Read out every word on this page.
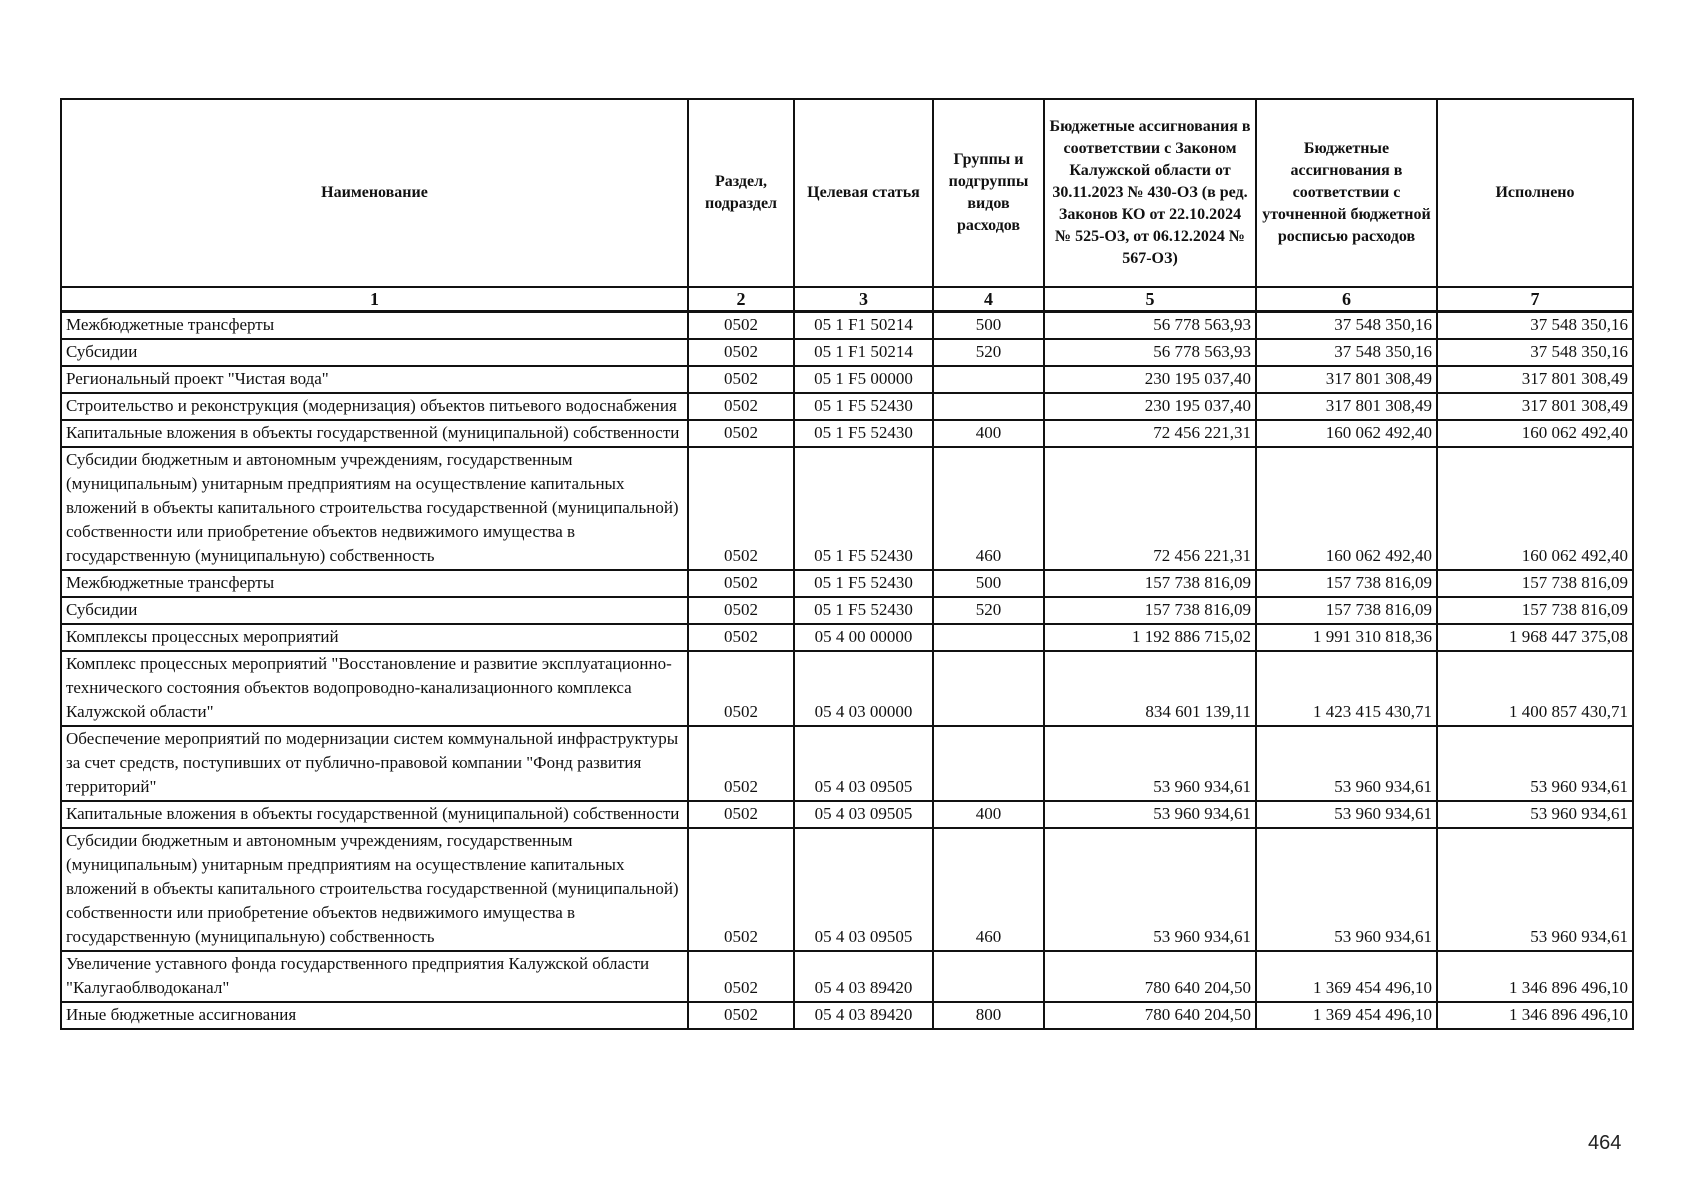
Наименование	Раздел, подраздел	Целевая статья	Группы и подгруппы видов расходов	Бюджетные ассигнования в соответствии с Законом Калужской области от 30.11.2023 № 430-ОЗ (в ред. Законов КО от 22.10.2024 № 525-ОЗ, от 06.12.2024 № 567-ОЗ)	Бюджетные ассигнования в соответствии с уточненной бюджетной росписью расходов	Исполнено
1	2	3	4	5	6	7
Межбюджетные трансферты	0502	05 1 F1 50214	500	56 778 563,93	37 548 350,16	37 548 350,16
Субсидии	0502	05 1 F1 50214	520	56 778 563,93	37 548 350,16	37 548 350,16
Региональный проект "Чистая вода"	0502	05 1 F5 00000		230 195 037,40	317 801 308,49	317 801 308,49
Строительство и реконструкция (модернизация) объектов питьевого водоснабжения	0502	05 1 F5 52430		230 195 037,40	317 801 308,49	317 801 308,49
Капитальные вложения в объекты государственной (муниципальной) собственности	0502	05 1 F5 52430	400	72 456 221,31	160 062 492,40	160 062 492,40
Субсидии бюджетным и автономным учреждениям, государственным (муниципальным) унитарным предприятиям на осуществление капитальных вложений в объекты капитального строительства государственной (муниципальной) собственности или приобретение объектов недвижимого имущества в государственную (муниципальную) собственность	0502	05 1 F5 52430	460	72 456 221,31	160 062 492,40	160 062 492,40
Межбюджетные трансферты	0502	05 1 F5 52430	500	157 738 816,09	157 738 816,09	157 738 816,09
Субсидии	0502	05 1 F5 52430	520	157 738 816,09	157 738 816,09	157 738 816,09
Комплексы процессных мероприятий	0502	05 4 00 00000		1 192 886 715,02	1 991 310 818,36	1 968 447 375,08
Комплекс процессных мероприятий "Восстановление и развитие эксплуатационно-технического состояния объектов водопроводно-канализационного комплекса Калужской области"	0502	05 4 03 00000		834 601 139,11	1 423 415 430,71	1 400 857 430,71
Обеспечение мероприятий по модернизации систем коммунальной инфраструктуры за счет средств, поступивших от публично-правовой компании "Фонд развития территорий"	0502	05 4 03 09505		53 960 934,61	53 960 934,61	53 960 934,61
Капитальные вложения в объекты государственной (муниципальной) собственности	0502	05 4 03 09505	400	53 960 934,61	53 960 934,61	53 960 934,61
Субсидии бюджетным и автономным учреждениям, государственным (муниципальным) унитарным предприятиям на осуществление капитальных вложений в объекты капитального строительства государственной (муниципальной) собственности или приобретение объектов недвижимого имущества в государственную (муниципальную) собственность	0502	05 4 03 09505	460	53 960 934,61	53 960 934,61	53 960 934,61
Увеличение уставного фонда государственного предприятия Калужской области "Калугаоблводоканал"	0502	05 4 03 89420		780 640 204,50	1 369 454 496,10	1 346 896 496,10
Иные бюджетные ассигнования	0502	05 4 03 89420	800	780 640 204,50	1 369 454 496,10	1 346 896 496,10
464
